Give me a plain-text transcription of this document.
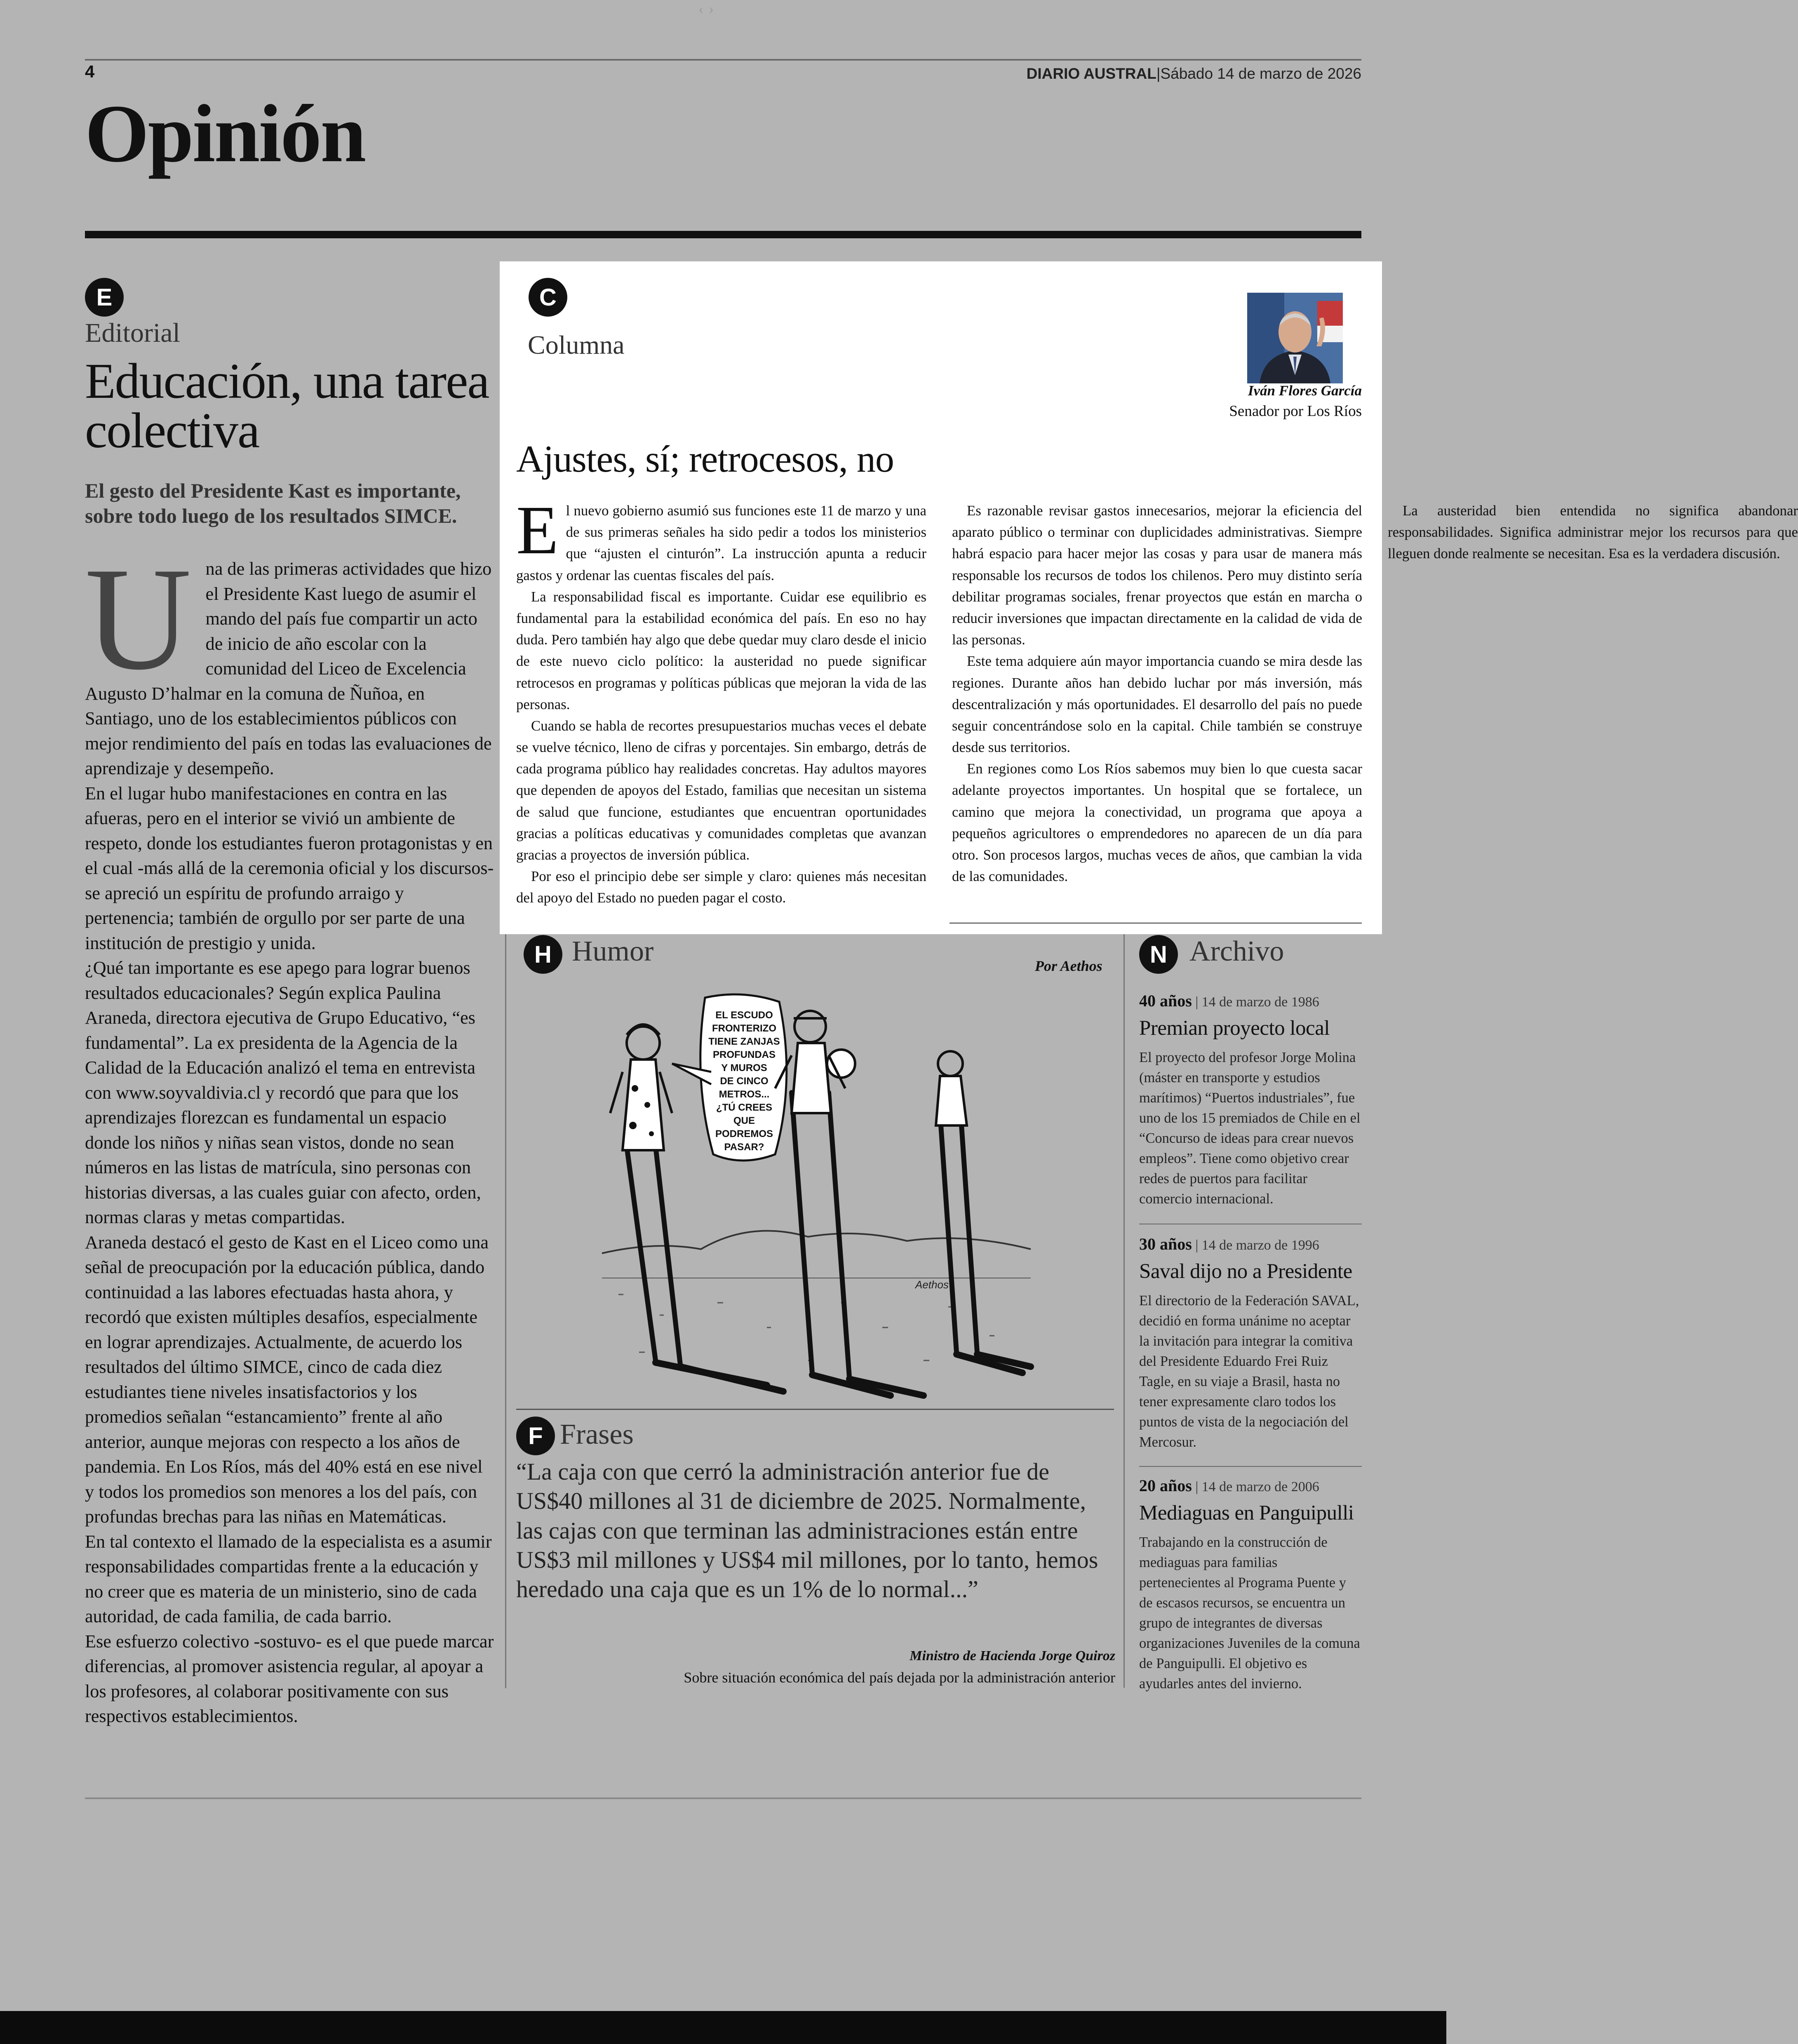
‹›
4	DIARIO AUSTRAL|Sábado 14 de marzo de 2026
Opinión
E
Editorial
Educación, una tarea colectiva
El gesto del Presidente Kast es importante, sobre todo luego de los resultados SIMCE.
U na de las primeras actividades que hizo el Presidente Kast luego de asumir el mando del país fue compartir un acto de inicio de año escolar con la comunidad del Liceo de Excelencia Augusto D’halmar en la comuna de Ñuñoa, en Santiago, uno de los establecimientos públicos con mejor rendimiento del país en todas las evaluaciones de aprendizaje y desempeño.

En el lugar hubo manifestaciones en contra en las afueras, pero en el interior se vivió un ambiente de respeto, donde los estudiantes fueron protagonistas y en el cual -más allá de la ceremonia oficial y los discursos- se apreció un espíritu de profundo arraigo y pertenencia; también de orgullo por ser parte de una institución de prestigio y unida.

¿Qué tan importante es ese apego para lograr buenos resultados educacionales? Según explica Paulina Araneda, directora ejecutiva de Grupo Educativo, “es fundamental”. La ex presidenta de la Agencia de la Calidad de la Educación analizó el tema en entrevista con www.soyvaldivia.cl y recordó que para que los aprendizajes florezcan es fundamental un espacio donde los niños y niñas sean vistos, donde no sean números en las listas de matrícula, sino personas con historias diversas, a las cuales guiar con afecto, orden, normas claras y metas compartidas.

Araneda destacó el gesto de Kast en el Liceo como una señal de preocupación por la educación pública, dando continuidad a las labores efectuadas hasta ahora, y recordó que existen múltiples desafíos, especialmente en lograr aprendizajes. Actualmente, de acuerdo los resultados del último SIMCE, cinco de cada diez estudiantes tiene niveles insatisfactorios y los promedios señalan “estancamiento” frente al año anterior, aunque mejoras con respecto a los años de pandemia. En Los Ríos, más del 40% está en ese nivel y todos los promedios son menores a los del país, con profundas brechas para las niñas en Matemáticas.

En tal contexto el llamado de la especialista es a asumir responsabilidades compartidas frente a la educación y no creer que es materia de un ministerio, sino de cada autoridad, de cada familia, de cada barrio.

Ese esfuerzo colectivo -sostuvo- es el que puede marcar diferencias, al promover asistencia regular, al apoyar a los profesores, al colaborar positivamente con sus respectivos establecimientos.

C
Columna
Iván Flores García
Senador por Los Ríos
Ajustes, sí; retrocesos, no

El nuevo gobierno asumió sus funciones este 11 de marzo y una de sus primeras señales ha sido pedir a todos los ministerios que “ajusten el cinturón”. La instrucción apunta a reducir gastos y ordenar las cuentas fiscales del país.

La responsabilidad fiscal es importante. Cuidar ese equilibrio es fundamental para la estabilidad económica del país. En eso no hay duda. Pero también hay algo que debe quedar muy claro desde el inicio de este nuevo ciclo político: la austeridad no puede significar retrocesos en programas y políticas públicas que mejoran la vida de las personas.

Cuando se habla de recortes presupuestarios muchas veces el debate se vuelve técnico, lleno de cifras y porcentajes. Sin embargo, detrás de cada programa público hay realidades concretas. Hay adultos mayores que dependen de apoyos del Estado, familias que necesitan un sistema de salud que funcione, estudiantes que encuentran oportunidades gracias a políticas educativas y comunidades completas que avanzan gracias a proyectos de inversión pública.

Por eso el principio debe ser simple y claro: quienes más necesitan del apoyo del Estado no pueden pagar el costo.

Es razonable revisar gastos innecesarios, mejorar la eficiencia del aparato público o terminar con duplicidades administrativas. Siempre habrá espacio para hacer mejor las cosas y para usar de manera más responsable los recursos de todos los chilenos. Pero muy distinto sería debilitar programas sociales, frenar proyectos que están en marcha o reducir inversiones que impactan directamente en la calidad de vida de las personas.

Este tema adquiere aún mayor importancia cuando se mira desde las regiones. Durante años han debido luchar por más inversión, más descentralización y más oportunidades. El desarrollo del país no puede seguir concentrándose solo en la capital. Chile también se construye desde sus territorios.

En regiones como Los Ríos sabemos muy bien lo que cuesta sacar adelante proyectos importantes. Un hospital que se fortalece, un camino que mejora la conectividad, un programa que apoya a pequeños agricultores o emprendedores no aparecen de un día para otro. Son procesos largos, muchas veces de años, que cambian la vida de las comunidades.

La austeridad bien entendida no significa abandonar responsabilidades. Significa administrar mejor los recursos para que lleguen donde realmente se necesitan. Esa es la verdadera discusión.

H Humor	Por Aethos
EL ESCUDO FRONTERIZO TIENE ZANJAS PROFUNDAS Y MUROS DE CINCO METROS... ¿TÚ CREES QUE PODREMOS PASAR?
Aethos
F Frases
“La caja con que cerró la administración anterior fue de US$40 millones al 31 de diciembre de 2025. Normalmente, las cajas con que terminan las administraciones están entre US$3 mil millones y US$4 mil millones, por lo tanto, hemos heredado una caja que es un 1% de lo normal...”
Ministro de Hacienda Jorge Quiroz
Sobre situación económica del país dejada por la administración anterior
N Archivo
40 años | 14 de marzo de 1986
Premian proyecto local
El proyecto del profesor Jorge Molina (máster en transporte y estudios marítimos) “Puertos industriales”, fue uno de los 15 premiados de Chile en el “Concurso de ideas para crear nuevos empleos”. Tiene como objetivo crear redes de puertos para facilitar comercio internacional.
30 años | 14 de marzo de 1996
Saval dijo no a Presidente
El directorio de la Federación SAVAL, decidió en forma unánime no aceptar la invitación para integrar la comitiva del Presidente Eduardo Frei Ruiz Tagle, en su viaje a Brasil, hasta no tener expresamente claro todos los puntos de vista de la negociación del Mercosur.
20 años | 14 de marzo de 2006
Mediaguas en Panguipulli
Trabajando en la construcción de mediaguas para familias pertenecientes al Programa Puente y de escasos recursos, se encuentra un grupo de integrantes de diversas organizaciones Juveniles de la comuna de Panguipulli. El objetivo es ayudarles antes del invierno.
